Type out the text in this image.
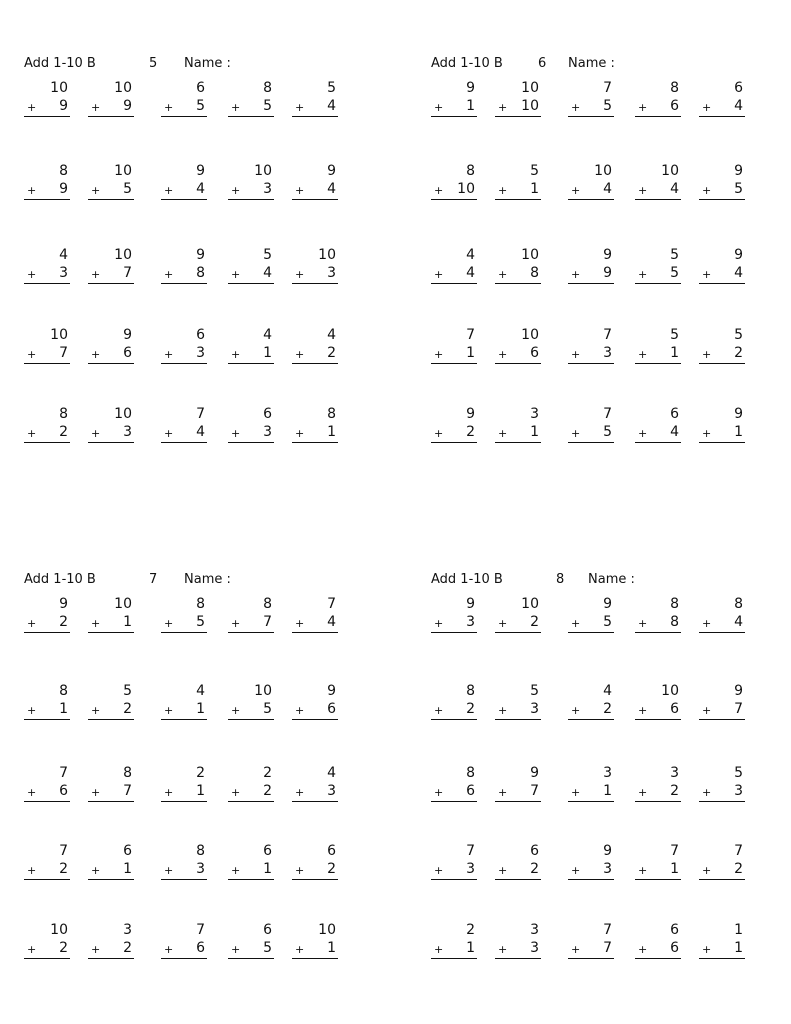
Add 1-10 B	5 Name :
10
+ 9
10
+ 9
6
+ 5
8
+ 5
5
+ 4
8
+ 9
10
+ 5
9
+ 4
10
+ 3
9
+ 4
4
+ 3
10
+ 7
9
+ 8
5
+ 4
10
+ 3
10
+ 7
9
+ 6
6
+ 3
4
+ 1
4
+ 2
8
+ 2
10
+ 3
7
+ 4
6
+ 3
8
+ 1
Add 1-10 B	6 Name :
9
+ 1
10
+ 10
7
+ 5
8
+ 6
6
+ 4
8
+ 10
5
+ 1
10
+ 4
10
+ 4
9
+ 5
4
+ 4
10
+ 8
9
+ 9
5
+ 5
9
+ 4
7
+ 1
10
+ 6
7
+ 3
5
+ 1
5
+ 2
9
+ 2
3
+ 1
7
+ 5
6
+ 4
9
+ 1
Add 1-10 B	7 Name :
9
+ 2
10
+ 1
8
+ 5
8
+ 7
7
+ 4
8
+ 1
5
+ 2
4
+ 1
10
+ 5
9
+ 6
7
+ 6
8
+ 7
2
+ 1
2
+ 2
4
+ 3
7
+ 2
6
+ 1
8
+ 3
6
+ 1
6
+ 2
10
+ 2
3
+ 2
7
+ 6
6
+ 5
10
+ 1
Add 1-10 B	8 Name :
9
+ 3
10
+ 2
9
+ 5
8
+ 8
8
+ 4
8
+ 2
5
+ 3
4
+ 2
10
+ 6
9
+ 7
8
+ 6
9
+ 7
3
+ 1
3
+ 2
5
+ 3
7
+ 3
6
+ 2
9
+ 3
7
+ 1
7
+ 2
2
+ 1
3
+ 3
7
+ 7
6
+ 6
1
+ 1
